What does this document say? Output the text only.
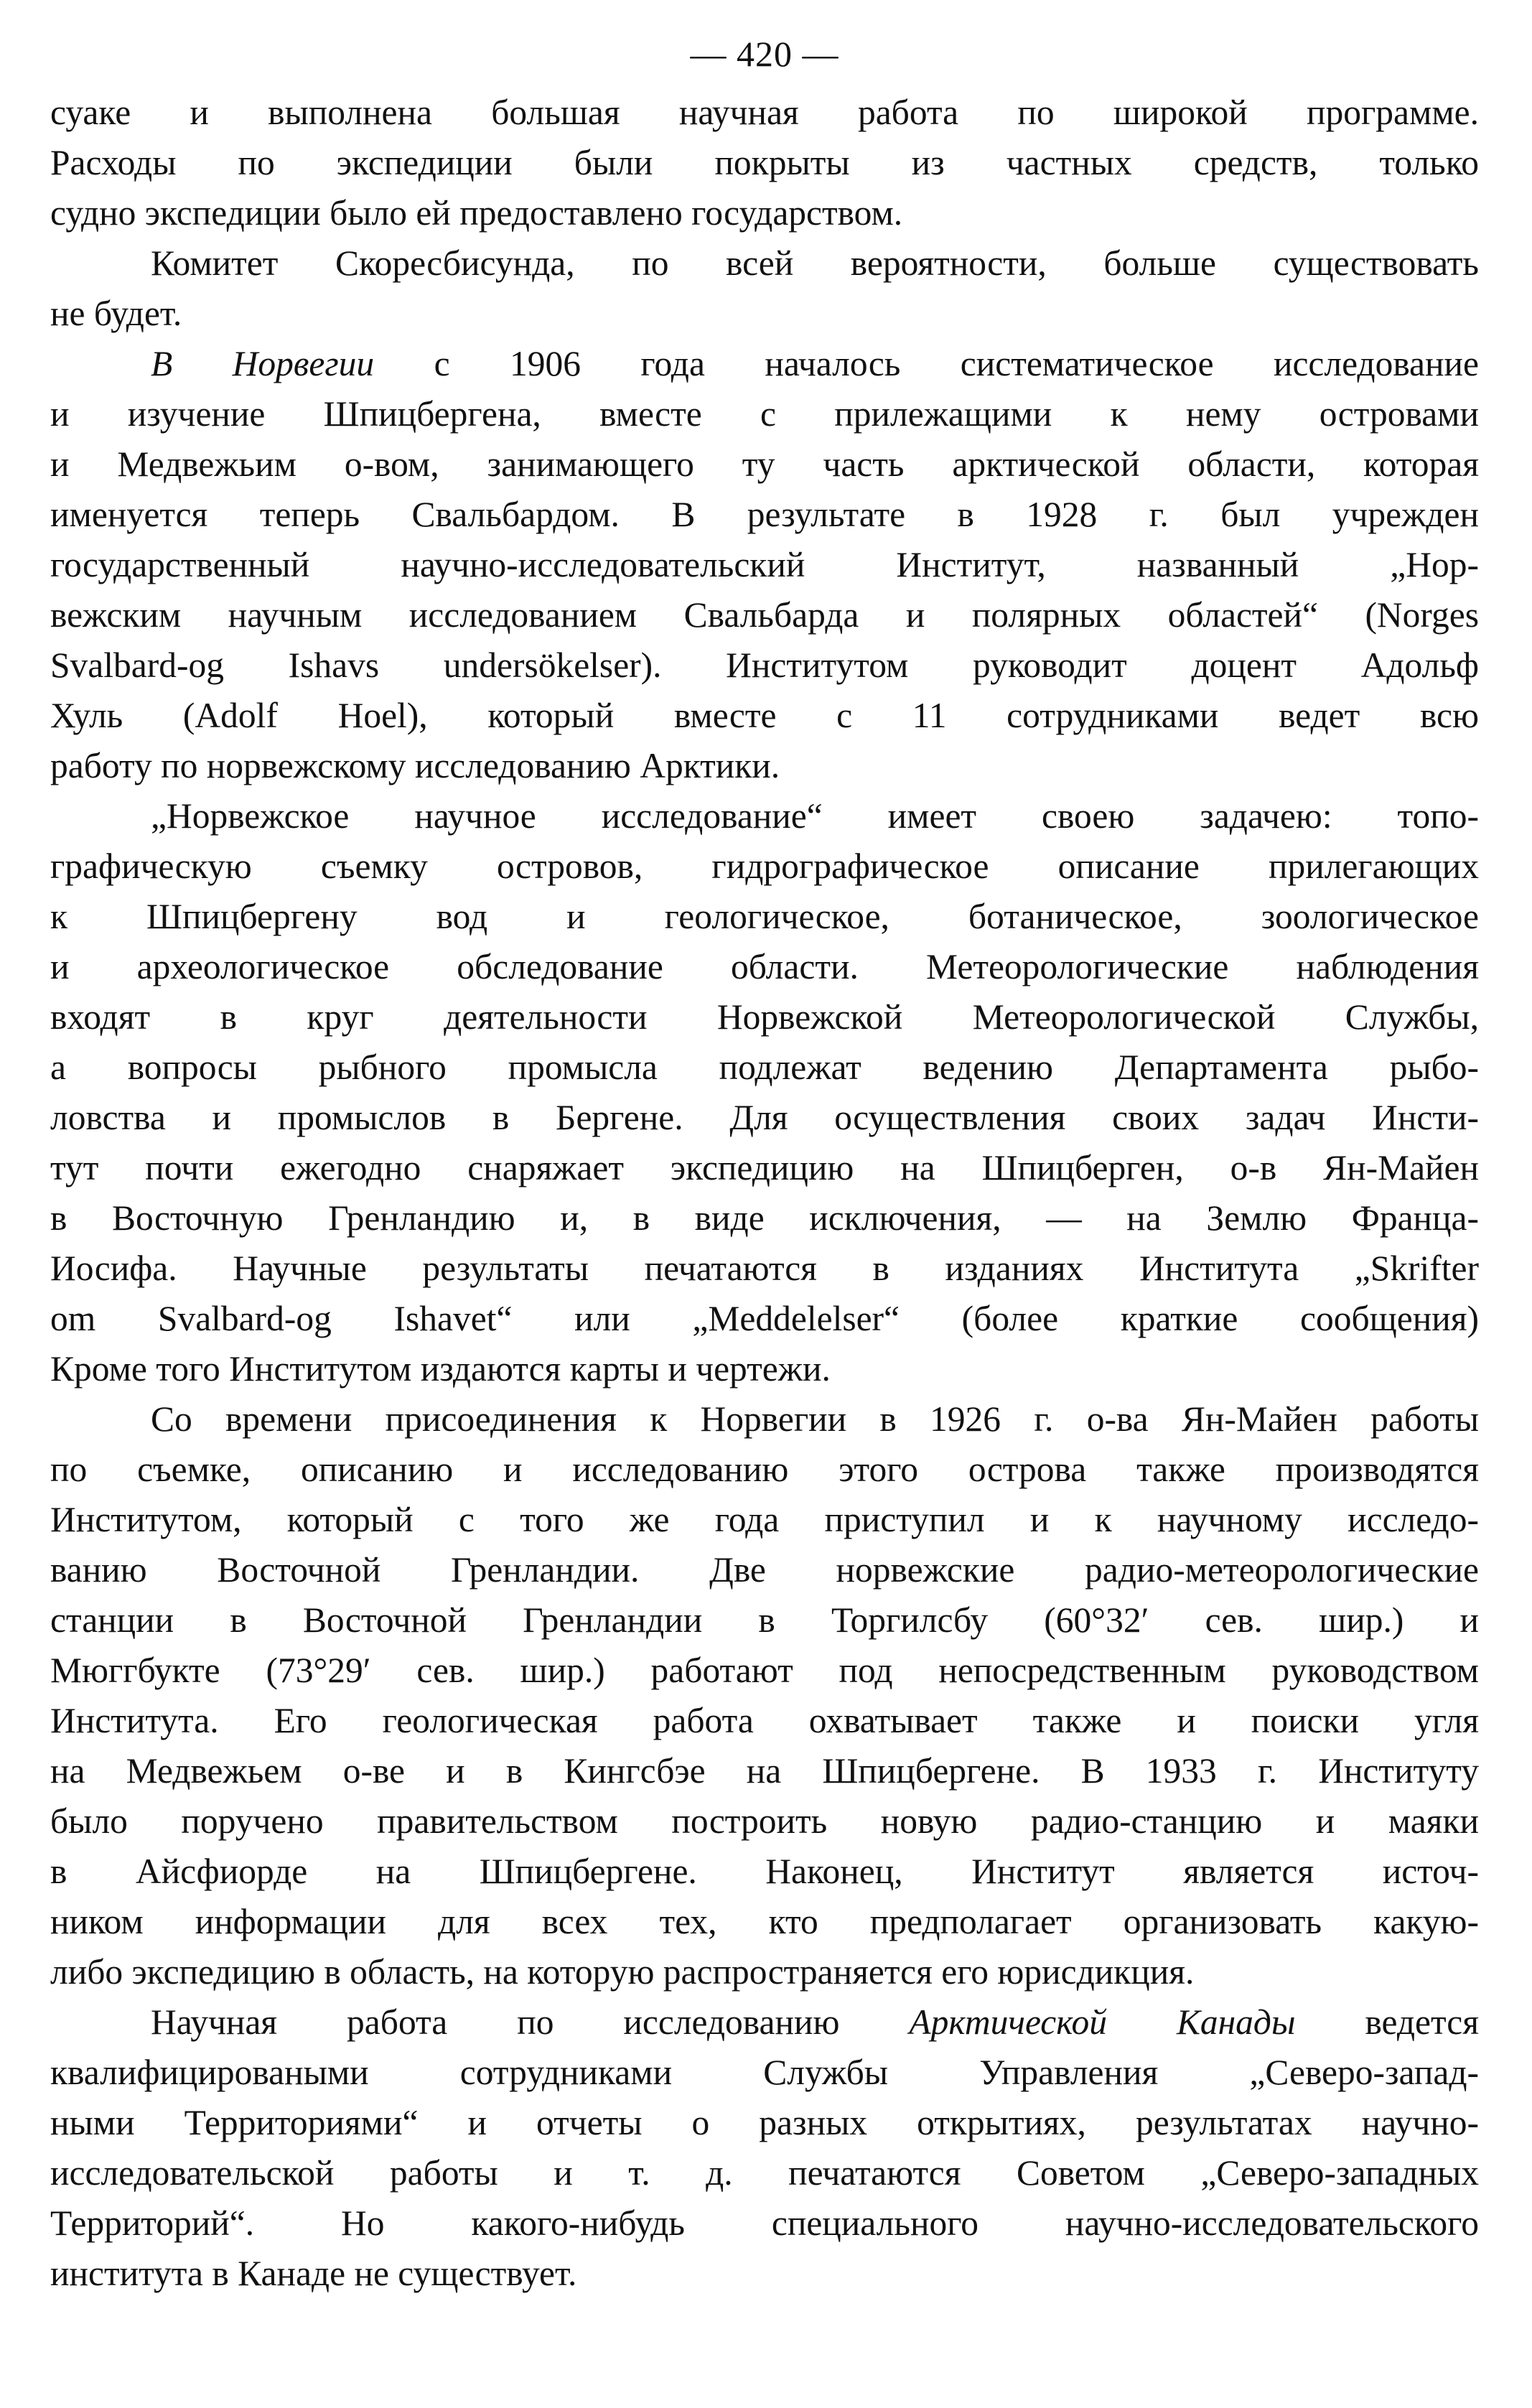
— 420 —

суаке и выполнена большая научная работа по широкой программе.
Расходы по экспедиции были покрыты из частных средств, только
судно экспедиции было ей предоставлено государством.

Комитет Скоресбисунда, по всей вероятности, больше существовать
не будет.

В Норвегии с 1906 года началось систематическое исследование
и изучение Шпицбергена, вместе с прилежащими к нему островами
и Медвежьим о-вом, занимающего ту часть арктической области, которая
именуется теперь Свальбардом. В результате в 1928 г. был учрежден
государственный научно-исследовательский Институт, названный „Нор-
вежским научным исследованием Свальбарда и полярных областей“ (Norges
Svalbard-og Ishavs undersökelser). Институтом руководит доцент Адольф
Хуль (Adolf Hoel), который вместе с 11 сотрудниками ведет всю
работу по норвежскому исследованию Арктики.

„Норвежское научное исследование“ имеет своею задачею: топо-
графическую съемку островов, гидрографическое описание прилегающих
к Шпицбергену вод и геологическое, ботаническое, зоологическое
и археологическое обследование области. Метеорологические наблюдения
входят в круг деятельности Норвежской Метеорологической Службы,
а вопросы рыбного промысла подлежат ведению Департамента рыбо-
ловства и промыслов в Бергене. Для осуществления своих задач Инсти-
тут почти ежегодно снаряжает экспедицию на Шпицберген, о-в Ян-Майен
в Восточную Гренландию и, в виде исключения, — на Землю Франца-
Иосифа. Научные результаты печатаются в изданиях Института „Skrifter
om Svalbard-og Ishavet“ или „Meddelelser“ (более краткие сообщения)
Кроме того Институтом издаются карты и чертежи.

Со времени присоединения к Норвегии в 1926 г. о-ва Ян-Майен работы
по съемке, описанию и исследованию этого острова также производятся
Институтом, который с того же года приступил и к научному исследо-
ванию Восточной Гренландии. Две норвежские радио-метеорологические
станции в Восточной Гренландии в Торгилсбу (60°32′ сев. шир.) и
Мюггбукте (73°29′ сев. шир.) работают под непосредственным руководством
Института. Его геологическая работа охватывает также и поиски угля
на Медвежьем о-ве и в Кингсбэе на Шпицбергене. В 1933 г. Институту
было поручено правительством построить новую радио-станцию и маяки
в Айсфиорде на Шпицбергене. Наконец, Институт является источ-
ником информации для всех тех, кто предполагает организовать какую-
либо экспедицию в область, на которую распространяется его юрисдикция.

Научная работа по исследованию Арктической Канады ведется
квалифицироваными сотрудниками Службы Управления „Северо-запад-
ными Территориями“ и отчеты о разных открытиях, результатах научно-
исследовательской работы и т. д. печатаются Советом „Северо-западных
Территорий“. Но какого-нибудь специального научно-исследовательского
института в Канаде не существует.
